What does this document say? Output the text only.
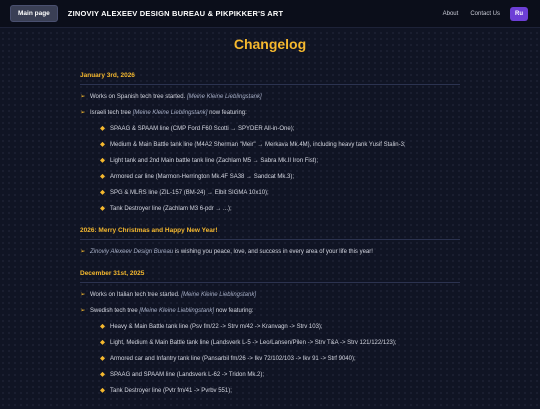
Main page	ZINOVIY ALEXEEV DESIGN BUREAU & PIKPIKKER'S ART	About Contact Us	Ru
Changelog
January 3rd, 2026
➢ Works on Spanish tech tree started. [Meine Kleine Lieblingstank]
➢ Israeli tech tree [Meine Kleine Lieblingstank] now featuring:
◆ SPAAG & SPAAM line (CMP Ford F60 Scotti → SPYDER All-in-One);
◆ Medium & Main Battle tank line (M4A2 Sherman "Meir" → Merkava Mk.4M), including heavy tank Yusif Stalin-3;
◆ Light tank and 2nd Main battle tank line (Zachlam M5 → Sabra Mk.II Iron Fist);
◆ Armored car line (Marmon-Herrington Mk.4F SA38 → Sandcat Mk.3);
◆ SPG & MLRS line (ZIL-157 (BM-24) → Elbit SIGMA 10x10);
◆ Tank Destroyer line (Zachlam M3 6-pdr → ...);
2026: Merry Christmas and Happy New Year!
➢ Zinoviy Alexeev Design Bureau is wishing you peace, love, and success in every area of your life this year!
December 31st, 2025
➢ Works on Italian tech tree started. [Meine Kleine Lieblingstank]
➢ Swedish tech tree [Meine Kleine Lieblingstank] now featuring:
◆ Heavy & Main Battle tank line (Psv fm/22 -> Strv m/42 -> Kranvagn -> Strv 103);
◆ Light, Medium & Main Battle tank line (Landsverk L-5 -> Leo/Lansen/Pilen -> Strv T&A -> Strv 121/122/123);
◆ Armored car and Infantry tank line (Pansarbil fm/26 -> Ikv 72/102/103 -> Ikv 91 -> Strf 9040);
◆ SPAAG and SPAAM line (Landsverk L-62 -> Tridon Mk.2);
◆ Tank Destroyer line (Pvtr fm/41 -> Pvrbv 551);
